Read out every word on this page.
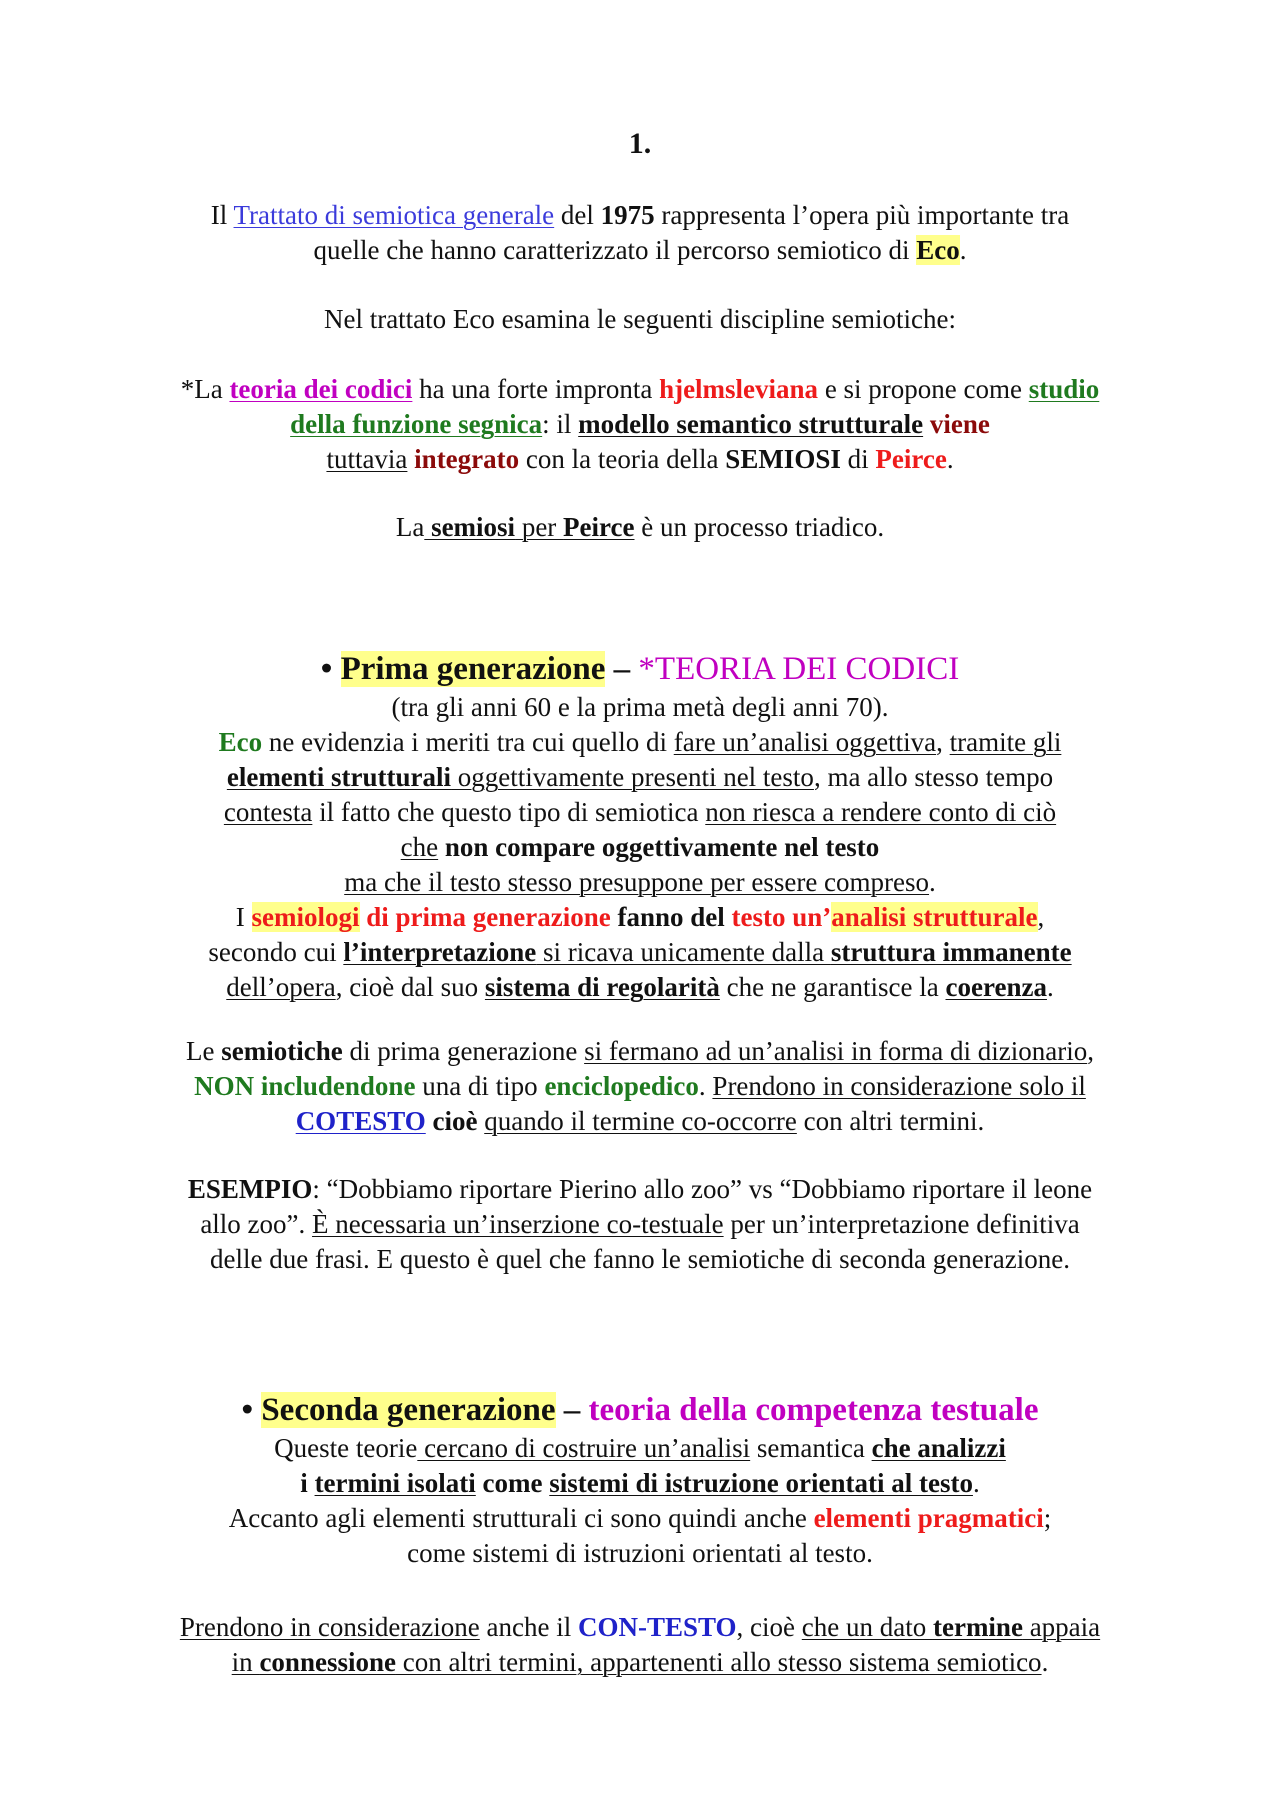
1.
Il Trattato di semiotica generale del 1975 rappresenta l’opera più importante tra
quelle che hanno caratterizzato il percorso semiotico di Eco.
Nel trattato Eco esamina le seguenti discipline semiotiche:
*La teoria dei codici ha una forte impronta hjelmsleviana e si propone come studio
della funzione segnica: il modello semantico strutturale viene
tuttavia integrato con la teoria della SEMIOSI di Peirce.
La semiosi per Peirce è un processo triadico.
• Prima generazione – *TEORIA DEI CODICI
(tra gli anni 60 e la prima metà degli anni 70).
Eco ne evidenzia i meriti tra cui quello di fare un’analisi oggettiva, tramite gli
elementi strutturali oggettivamente presenti nel testo, ma allo stesso tempo
contesta il fatto che questo tipo di semiotica non riesca a rendere conto di ciò
che non compare oggettivamente nel testo
ma che il testo stesso presuppone per essere compreso.
I semiologi di prima generazione fanno del testo un’analisi strutturale,
secondo cui l’interpretazione si ricava unicamente dalla struttura immanente
dell’opera, cioè dal suo sistema di regolarità che ne garantisce la coerenza.
Le semiotiche di prima generazione si fermano ad un’analisi in forma di dizionario,
NON includendone una di tipo enciclopedico. Prendono in considerazione solo il
COTESTO cioè quando il termine co-occorre con altri termini.
ESEMPIO: “Dobbiamo riportare Pierino allo zoo” vs “Dobbiamo riportare il leone
allo zoo”. È necessaria un’inserzione co-testuale per un’interpretazione definitiva
delle due frasi. E questo è quel che fanno le semiotiche di seconda generazione.
• Seconda generazione – teoria della competenza testuale
Queste teorie cercano di costruire un’analisi semantica che analizzi
i termini isolati come sistemi di istruzione orientati al testo.
Accanto agli elementi strutturali ci sono quindi anche elementi pragmatici;
come sistemi di istruzioni orientati al testo.
Prendono in considerazione anche il CON-TESTO, cioè che un dato termine appaia
in connessione con altri termini, appartenenti allo stesso sistema semiotico.
